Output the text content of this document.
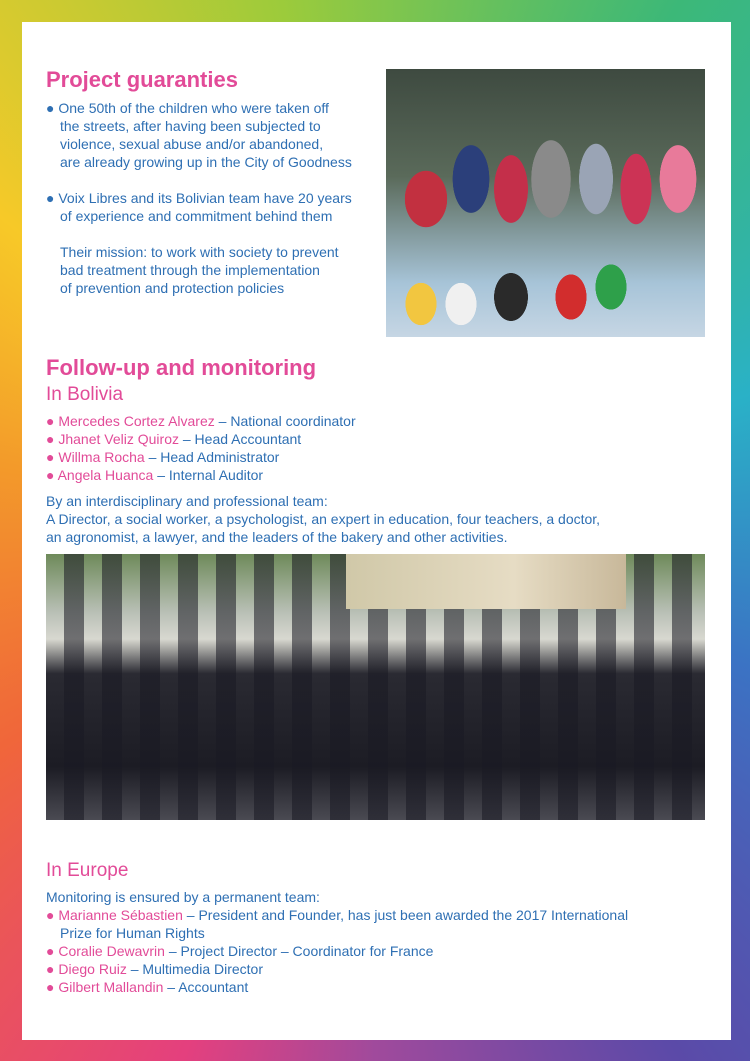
Project guaranties
● One 50th of the children who were taken off
the streets, after having been subjected to
violence, sexual abuse and/or abandoned,
are already growing up in the City of Goodness
● Voix Libres and its Bolivian team have 20 years
of experience and commitment behind them
Their mission: to work with society to prevent
bad treatment through the implementation
of prevention and protection policies
Follow-up and monitoring
In Bolivia
● Mercedes Cortez Alvarez – National coordinator
● Jhanet Veliz Quiroz – Head Accountant
● Willma Rocha – Head Administrator
● Angela Huanca – Internal Auditor
By an interdisciplinary and professional team:
A Director, a social worker, a psychologist, an expert in education, four teachers, a doctor,
an agronomist, a lawyer, and the leaders of the bakery and other activities.
In Europe
Monitoring is ensured by a permanent team:
● Marianne Sébastien – President and Founder, has just been awarded the 2017 International
Prize for Human Rights
● Coralie Dewavrin – Project Director – Coordinator for France
● Diego Ruiz – Multimedia Director
● Gilbert Mallandin – Accountant
